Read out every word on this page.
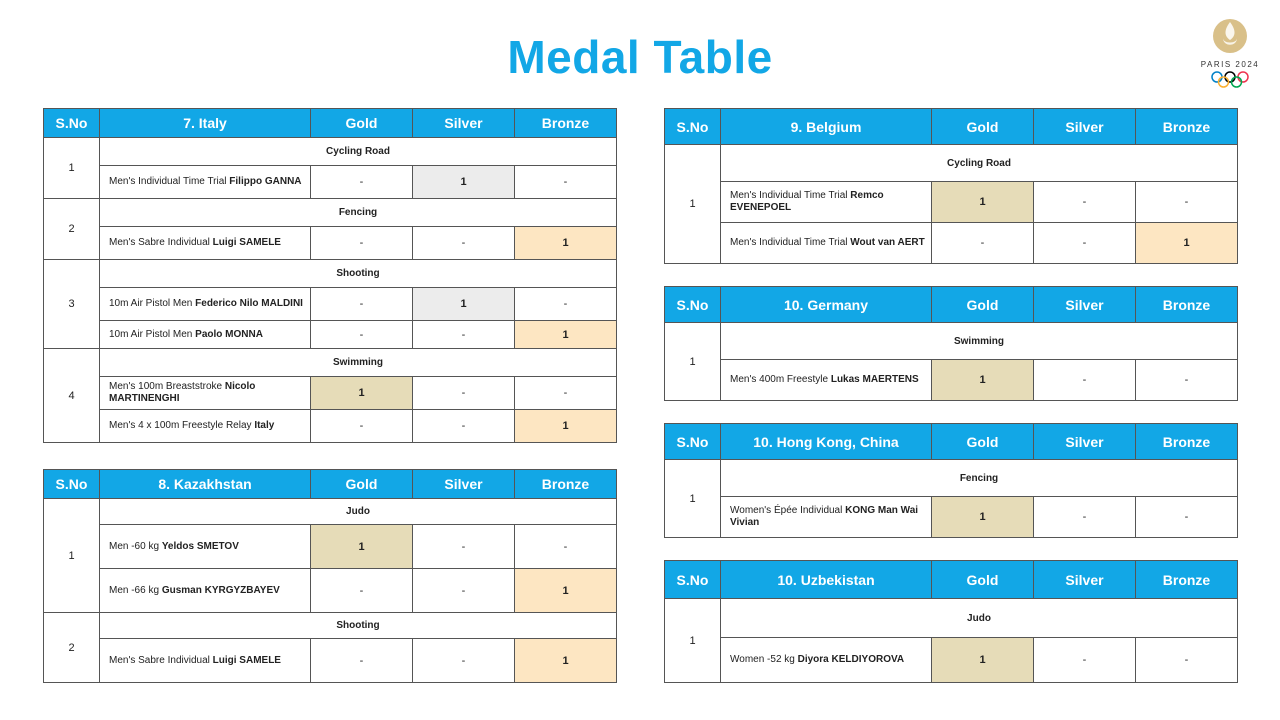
Medal Table	PARIS 2024
S.No	7. Italy	Gold	Silver	Bronze
1	Cycling Road			
	Men's Individual Time Trial Filippo GANNA	-	1	-
2	Fencing			
	Men's Sabre Individual Luigi SAMELE	-	-	1
3	Shooting			
	10m Air Pistol Men Federico Nilo MALDINI	-	1	-
	10m Air Pistol Men Paolo MONNA	-	-	1
4	Swimming			
	Men's 100m Breaststroke Nicolo MARTINENGHI	1	-	-
	Men's 4 x 100m Freestyle Relay Italy	-	-	1
S.No	8. Kazakhstan	Gold	Silver	Bronze
1	Judo			
	Men -60 kg Yeldos SMETOV	1	-	-
	Men -66 kg Gusman KYRGYZBAYEV	-	-	1
2	Shooting			
	Men's Sabre Individual Luigi SAMELE	-	-	1
S.No	9. Belgium	Gold	Silver	Bronze
1	Cycling Road			
	Men's Individual Time Trial Remco EVENEPOEL	1	-	-
	Men's Individual Time Trial Wout van AERT	-	-	1
S.No	10. Germany	Gold	Silver	Bronze
1	Swimming			
	Men's 400m Freestyle Lukas MAERTENS	1	-	-
S.No	10. Hong Kong, China	Gold	Silver	Bronze
1	Fencing			
	Women's Épée Individual KONG Man Wai Vivian	1	-	-
S.No	10. Uzbekistan	Gold	Silver	Bronze
1	Judo			
	Women -52 kg Diyora KELDIYOROVA	1	-	-
